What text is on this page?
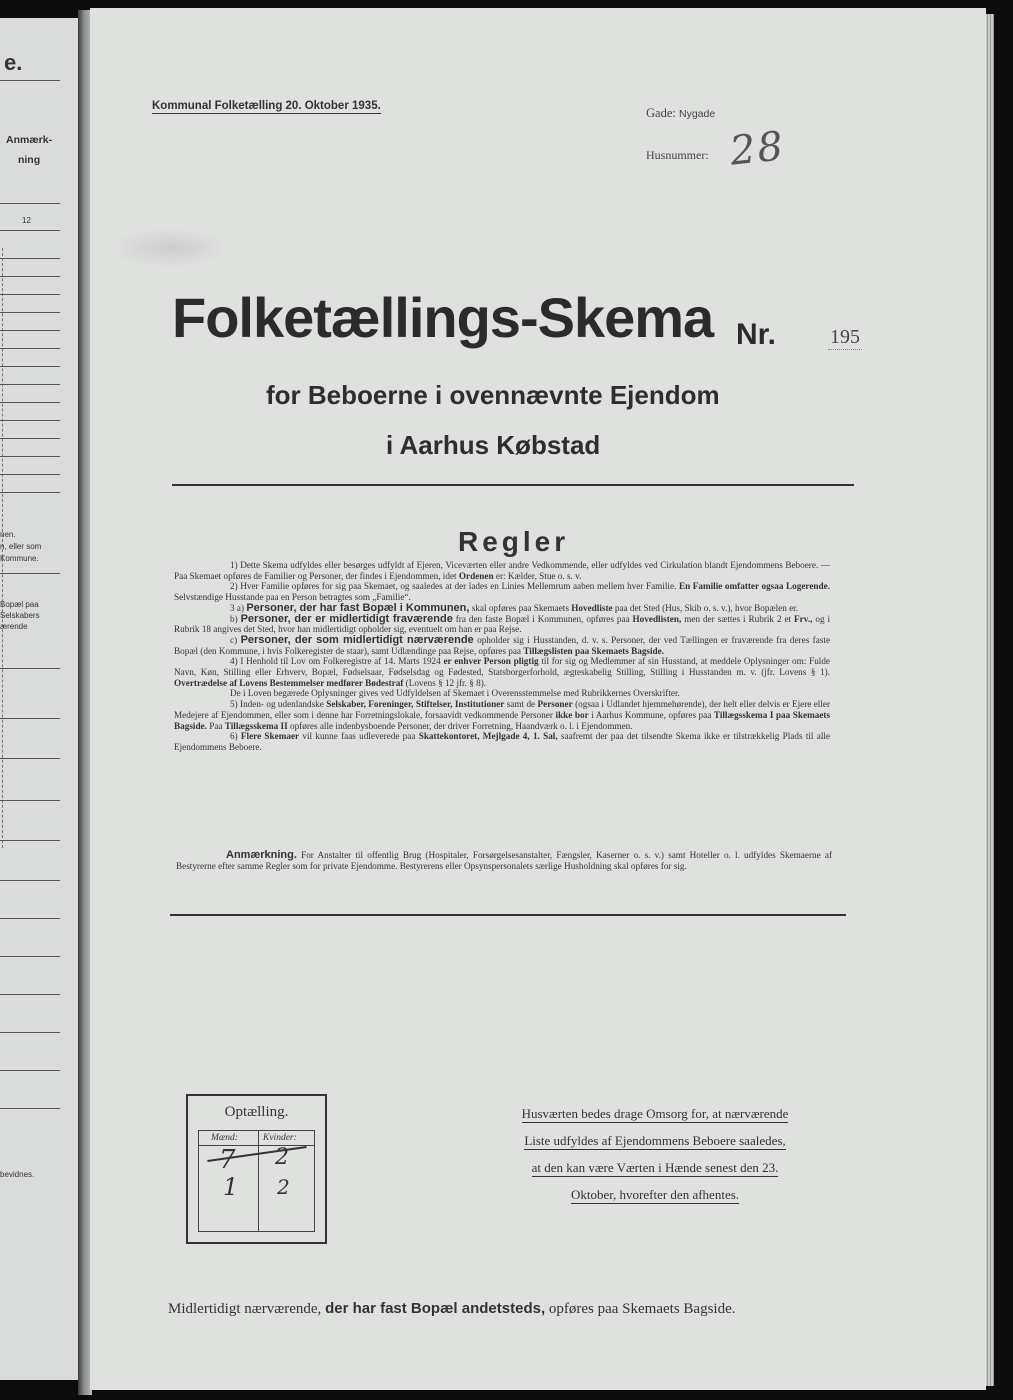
e.
Anmærk-
ning
12
nen.
n, eller som
Kommune.
Bopæl paa
Selskabers
ærende
bevidnes.
Kommunal Folketælling 20. Oktober 1935.	Gade: Nygade
Husnummer: 28
Folketællings-Skema Nr.	195
for Beboerne i ovennævnte Ejendom
i Aarhus Købstad
Regler

1) Dette Skema udfyldes eller besørges udfyldt af Ejeren, Viceværten eller andre Vedkommende, eller udfyldes ved Cirkulation blandt Ejendommens Beboere. — Paa Skemaet opføres de Familier og Personer, der findes i Ejendommen, idet Ordenen er: Kælder, Stue o. s. v.

2) Hver Familie opføres for sig paa Skemaet, og saaledes at der lades en Linies Mellemrum aaben mellem hver Familie. En Familie omfatter ogsaa Logerende. Selvstændige Husstande paa en Person betragtes som „Familie“.

3 a) Personer, der har fast Bopæl i Kommunen, skal opføres paa Skemaets Hovedliste paa det Sted (Hus, Skib o. s. v.), hvor Bopælen er.

b) Personer, der er midlertidigt fraværende fra den faste Bopæl i Kommunen, opføres paa Hovedlisten, men der sættes i Rubrik 2 et Frv., og i Rubrik 18 angives det Sted, hvor han midlertidigt opholder sig, eventuelt om han er paa Rejse.

c) Personer, der som midlertidigt nærværende opholder sig i Husstanden, d. v. s. Personer, der ved Tællingen er fraværende fra deres faste Bopæl (den Kommune, i hvis Folkeregister de staar), samt Udlændinge paa Rejse, opføres paa Tillægslisten paa Skemaets Bagside.

4) I Henhold til Lov om Folkeregistre af 14. Marts 1924 er enhver Person pligtig til for sig og Medlemmer af sin Husstand, at meddele Oplysninger om: Fulde Navn, Køn, Stilling eller Erhverv, Bopæl, Fødselsaar, Fødselsdag og Fødested, Statsborgerforhold, ægteskabelig Stilling, Stilling i Husstanden m. v. (jfr. Lovens § 1). Overtrædelse af Lovens Bestemmelser medfører Bødestraf (Lovens § 12 jfr. § 8).

De i Loven begærede Oplysninger gives ved Udfyldelsen af Skemaet i Overensstemmelse med Rubrikkernes Overskrifter.

5) Inden- og udenlandske Selskaber, Foreninger, Stiftelser, Institutioner samt de Personer (ogsaa i Udlandet hjemmehørende), der helt eller delvis er Ejere eller Medejere af Ejendommen, eller som i denne har Forretningslokale, forsaavidt vedkommende Personer ikke bor i Aarhus Kommune, opføres paa Tillægsskema I paa Skemaets Bagside. Paa Tillægsskema II opføres alle indenbysboende Personer, der driver Forretning, Haandværk o. l. i Ejendommen.

6) Flere Skemaer vil kunne faas udleverede paa Skattekontoret, Mejlgade 4, 1. Sal, saafremt der paa det tilsendte Skema ikke er tilstrækkelig Plads til alle Ejendommens Beboere.

Anmærkning. For Anstalter til offentlig Brug (Hospitaler, Forsørgelsesanstalter, Fængsler, Kaserner o. s. v.) samt Hoteller o. l. udfyldes Skemaerne af Bestyrerne efter samme Regler som for private Ejendomme. Bestyrerens eller Opsynspersonalets særlige Husholdning skal opføres for sig.

Optælling.
Mænd:	Kvinder:
7 2
1 2
Husværten bedes drage Omsorg for, at nærværende
Liste udfyldes af Ejendommens Beboere saaledes,
at den kan være Værten i Hænde senest den 23.
Oktober, hvorefter den afhentes.
Midlertidigt nærværende, der har fast Bopæl andetsteds, opføres paa Skemaets Bagside.
